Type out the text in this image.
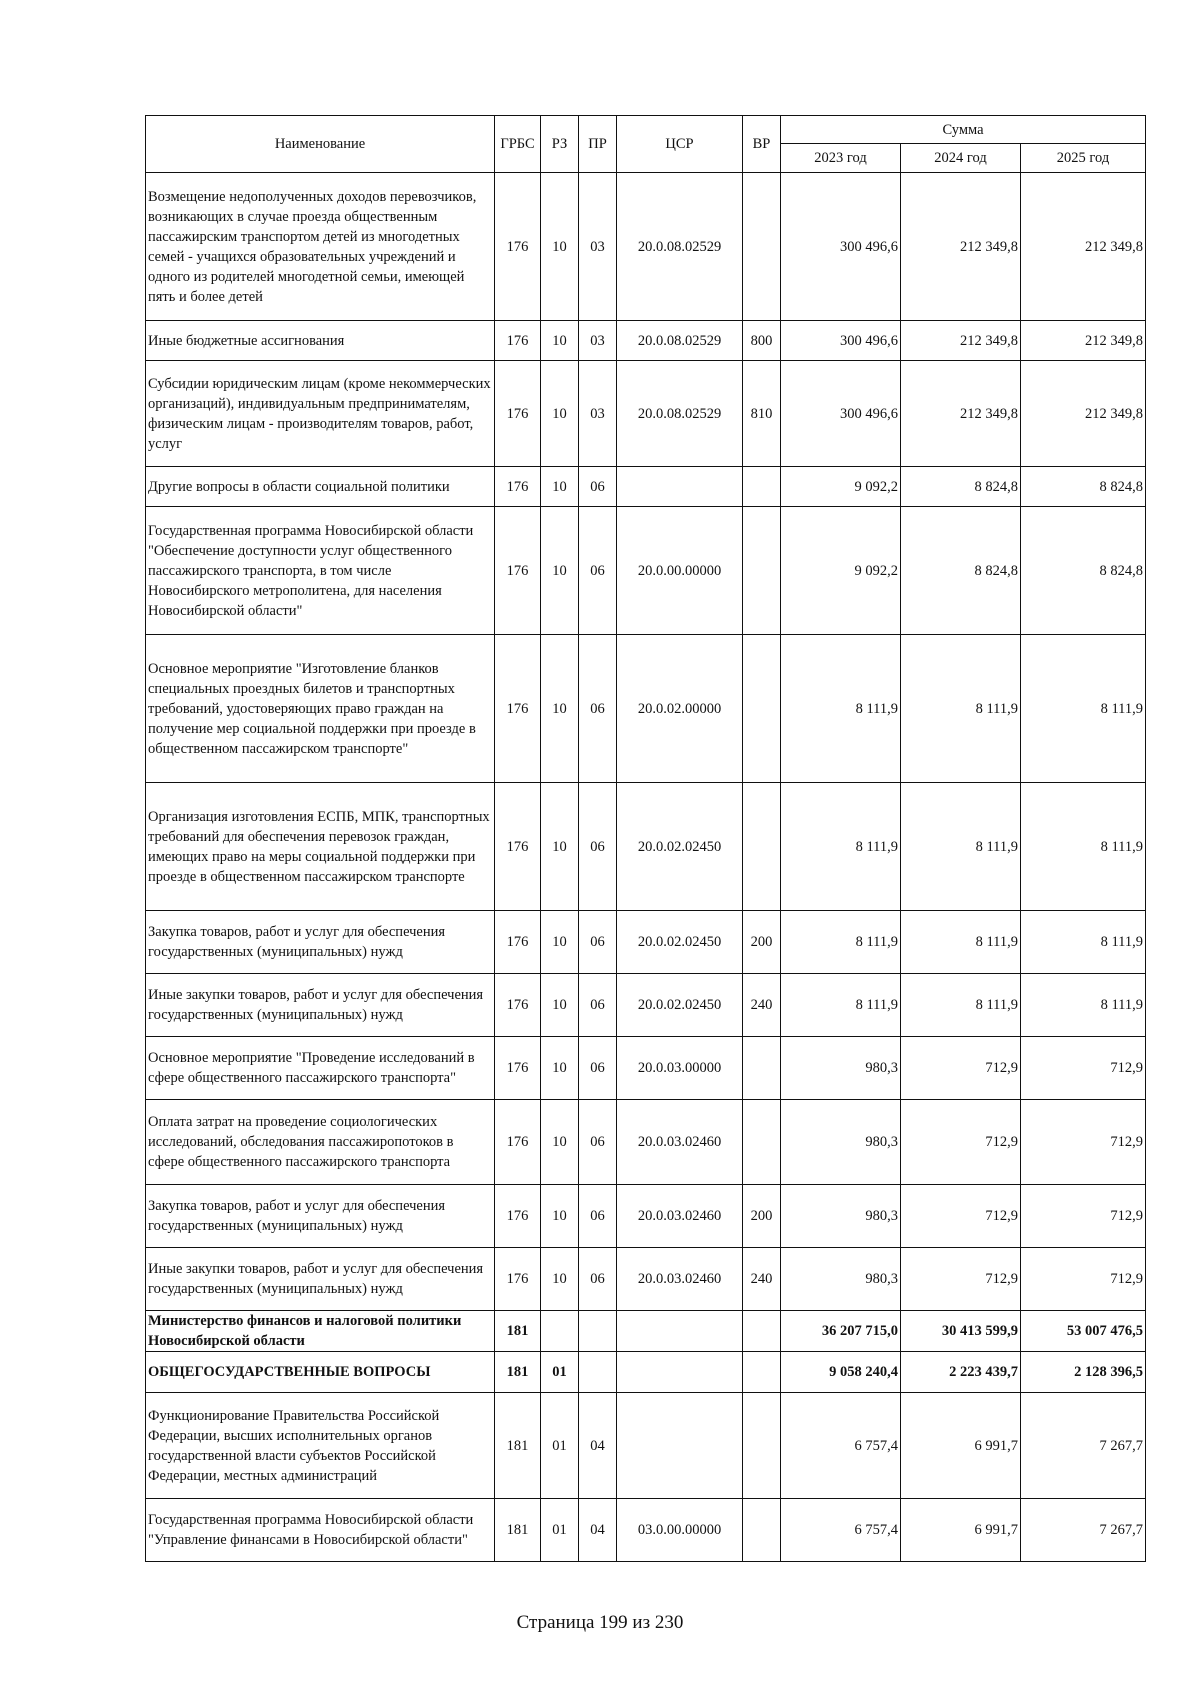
Наименование	ГРБС	РЗ	ПР	ЦСР	ВР	Сумма		
						2023 год	2024 год	2025 год
Возмещение недополученных доходов перевозчиков, возникающих в случае проезда общественным пассажирским транспортом детей из многодетных семей - учащихся образовательных учреждений и одного из родителей многодетной семьи, имеющей пять и более детей	176	10	03	20.0.08.02529		300 496,6	212 349,8	212 349,8
Иные бюджетные ассигнования	176	10	03	20.0.08.02529	800	300 496,6	212 349,8	212 349,8
Субсидии юридическим лицам (кроме некоммерческих организаций), индивидуальным предпринимателям, физическим лицам - производителям товаров, работ, услуг	176	10	03	20.0.08.02529	810	300 496,6	212 349,8	212 349,8
Другие вопросы в области социальной политики	176	10	06			9 092,2	8 824,8	8 824,8
Государственная программа Новосибирской области "Обеспечение доступности услуг общественного пассажирского транспорта, в том числе Новосибирского метрополитена, для населения Новосибирской области"	176	10	06	20.0.00.00000		9 092,2	8 824,8	8 824,8
Основное мероприятие "Изготовление бланков специальных проездных билетов и транспортных требований, удостоверяющих право граждан на получение мер социальной поддержки при проезде в общественном пассажирском транспорте"	176	10	06	20.0.02.00000		8 111,9	8 111,9	8 111,9
Организация изготовления ЕСПБ, МПК, транспортных требований для обеспечения перевозок граждан, имеющих право на меры социальной поддержки при проезде в общественном пассажирском транспорте	176	10	06	20.0.02.02450		8 111,9	8 111,9	8 111,9
Закупка товаров, работ и услуг для обеспечения государственных (муниципальных) нужд	176	10	06	20.0.02.02450	200	8 111,9	8 111,9	8 111,9
Иные закупки товаров, работ и услуг для обеспечения государственных (муниципальных) нужд	176	10	06	20.0.02.02450	240	8 111,9	8 111,9	8 111,9
Основное мероприятие "Проведение исследований в сфере общественного пассажирского транспорта"	176	10	06	20.0.03.00000		980,3	712,9	712,9
Оплата затрат на проведение социологических исследований, обследования пассажиропотоков в сфере общественного пассажирского транспорта	176	10	06	20.0.03.02460		980,3	712,9	712,9
Закупка товаров, работ и услуг для обеспечения государственных (муниципальных) нужд	176	10	06	20.0.03.02460	200	980,3	712,9	712,9
Иные закупки товаров, работ и услуг для обеспечения государственных (муниципальных) нужд	176	10	06	20.0.03.02460	240	980,3	712,9	712,9
Министерство финансов и налоговой политики Новосибирской области	181					36 207 715,0	30 413 599,9	53 007 476,5
ОБЩЕГОСУДАРСТВЕННЫЕ ВОПРОСЫ	181	01				9 058 240,4	2 223 439,7	2 128 396,5
Функционирование Правительства Российской Федерации, высших исполнительных органов государственной власти субъектов Российской Федерации, местных администраций	181	01	04			6 757,4	6 991,7	7 267,7
Государственная программа Новосибирской области "Управление финансами в Новосибирской области"	181	01	04	03.0.00.00000		6 757,4	6 991,7	7 267,7
Страница 199 из 230
